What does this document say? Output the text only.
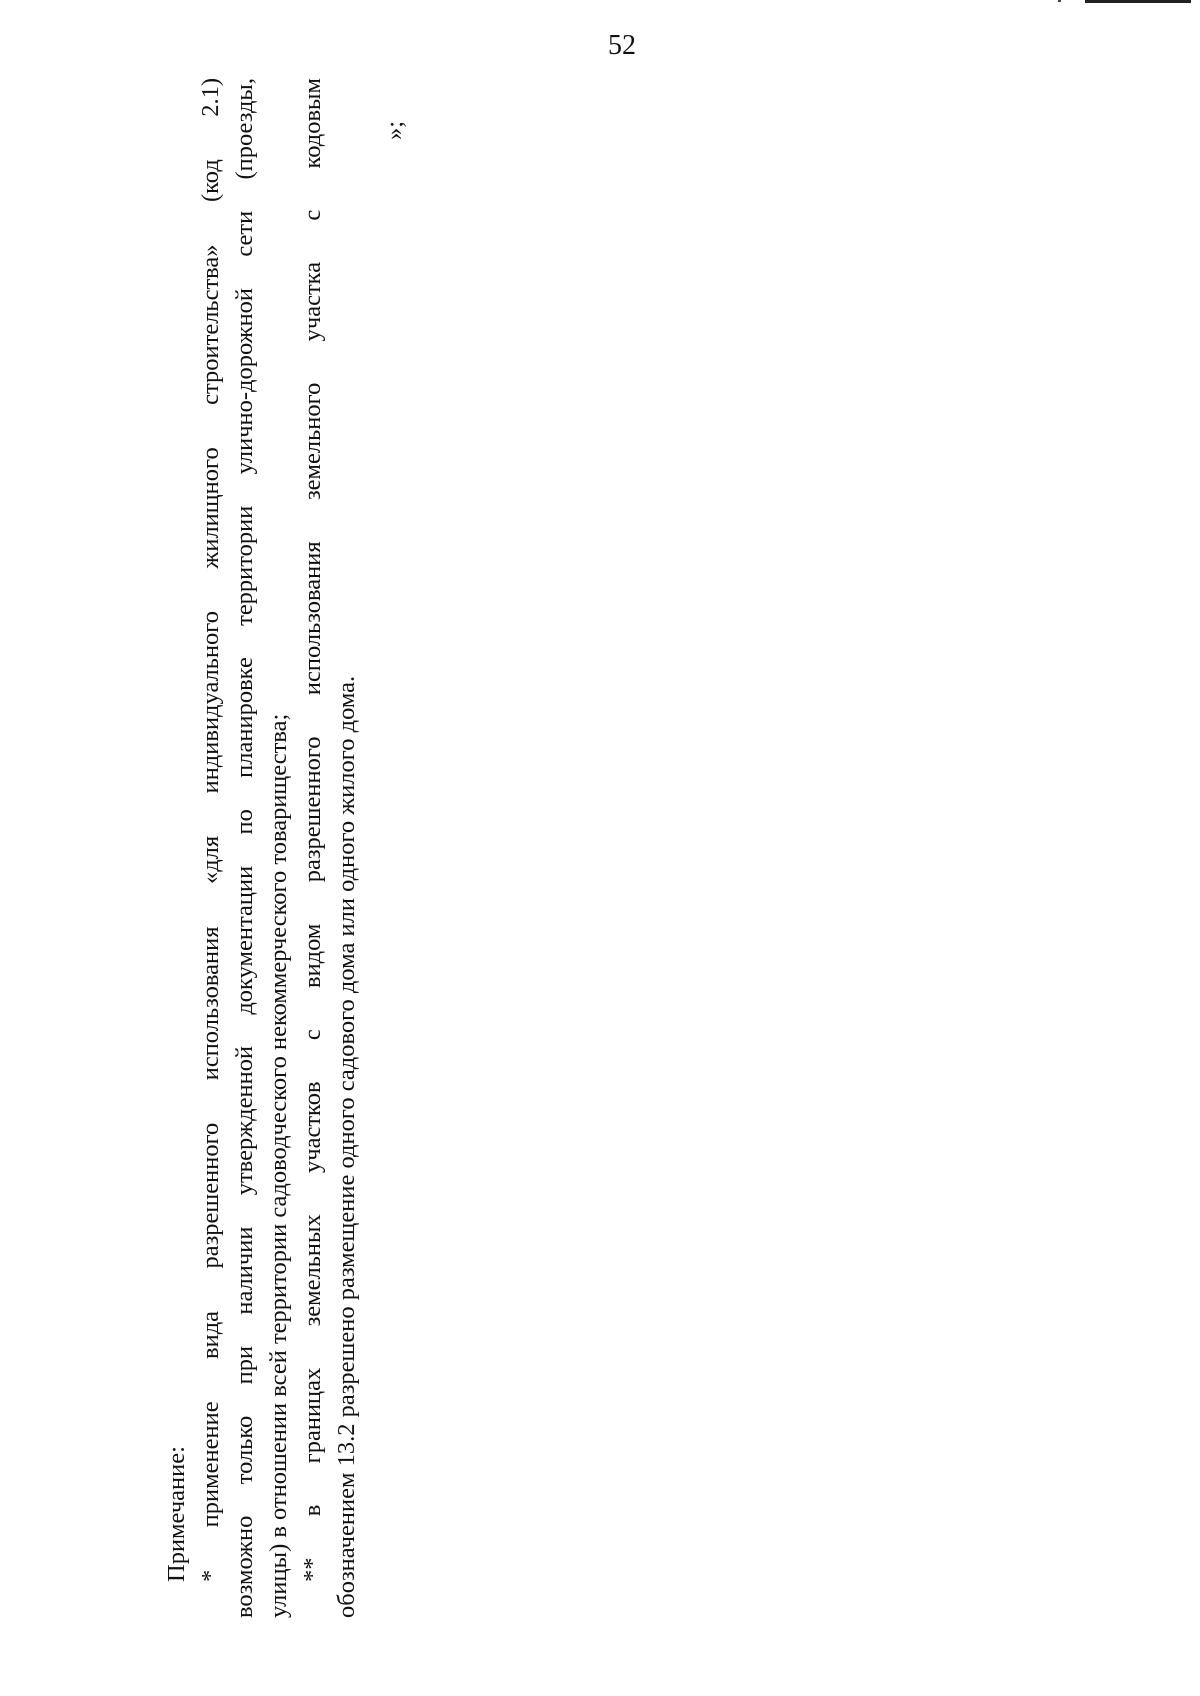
52
Примечание: * применение вида разрешенного использования «для индивидуального жилищного строительства» (код 2.1) возможно только при наличии утвержденной документации по планировке территории улично-дорожной сети (проезды, улицы) в отношении всей территории садоводческого некоммерческого товарищества; ** в границах земельных участков с видом разрешенного использования земельного участка с кодовым обозначением 13.2 разрешено размещение одного садового дома или одного жилого дома.
»;
